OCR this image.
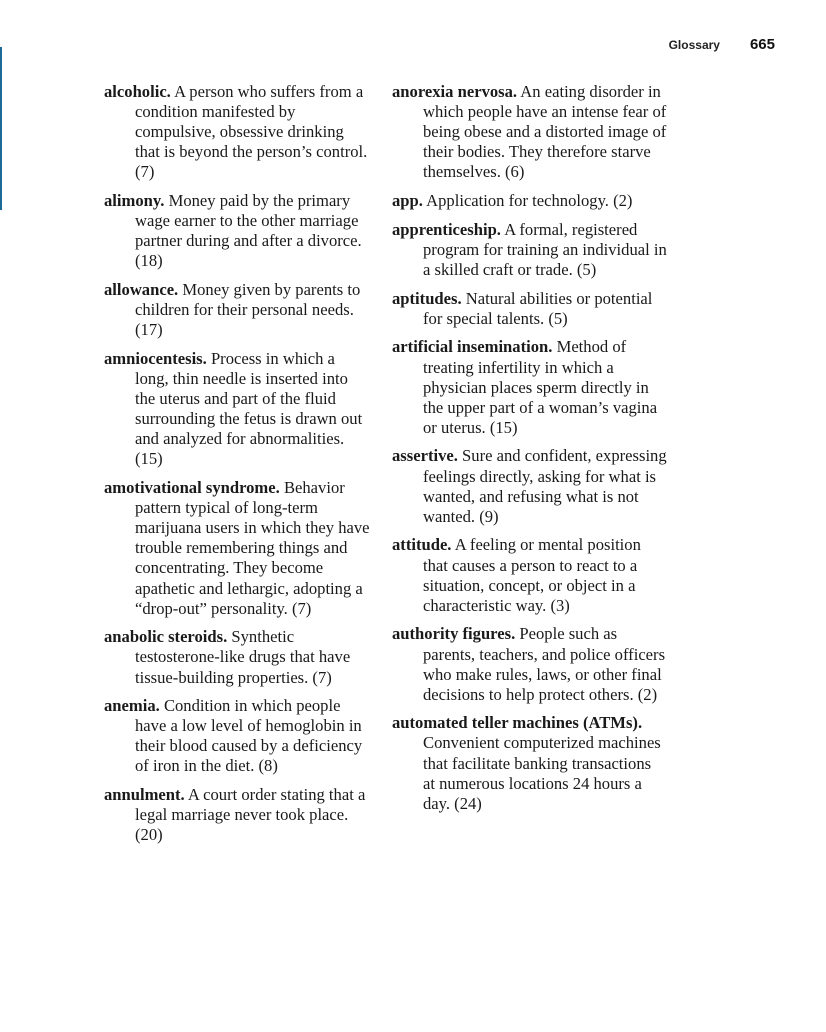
Glossary 665
alcoholic. A person who suffers from a condition manifested by compulsive, obsessive drinking that is beyond the person’s control. (7)
alimony. Money paid by the primary wage earner to the other marriage partner during and after a divorce. (18)
allowance. Money given by parents to children for their personal needs. (17)
amniocentesis. Process in which a long, thin needle is inserted into the uterus and part of the fluid surrounding the fetus is drawn out and analyzed for abnormalities. (15)
amotivational syndrome. Behavior pattern typical of long-term marijuana users in which they have trouble remembering things and concentrating. They become apathetic and lethargic, adopting a “drop-out” personality. (7)
anabolic steroids. Synthetic testosterone-like drugs that have tissue-building properties. (7)
anemia. Condition in which people have a low level of hemoglobin in their blood caused by a deficiency of iron in the diet. (8)
annulment. A court order stating that a legal marriage never took place. (20)
anorexia nervosa. An eating disorder in which people have an intense fear of being obese and a distorted image of their bodies. They therefore starve themselves. (6)
app. Application for technology. (2)
apprenticeship. A formal, registered program for training an individual in a skilled craft or trade. (5)
aptitudes. Natural abilities or potential for special talents. (5)
artificial insemination. Method of treating infertility in which a physician places sperm directly in the upper part of a woman’s vagina or uterus. (15)
assertive. Sure and confident, expressing feelings directly, asking for what is wanted, and refusing what is not wanted. (9)
attitude. A feeling or mental position that causes a person to react to a situation, concept, or object in a characteristic way. (3)
authority figures. People such as parents, teachers, and police officers who make rules, laws, or other final decisions to help protect others. (2)
automated teller machines (ATMs). Convenient computerized machines that facilitate banking transactions at numerous locations 24 hours a day. (24)
